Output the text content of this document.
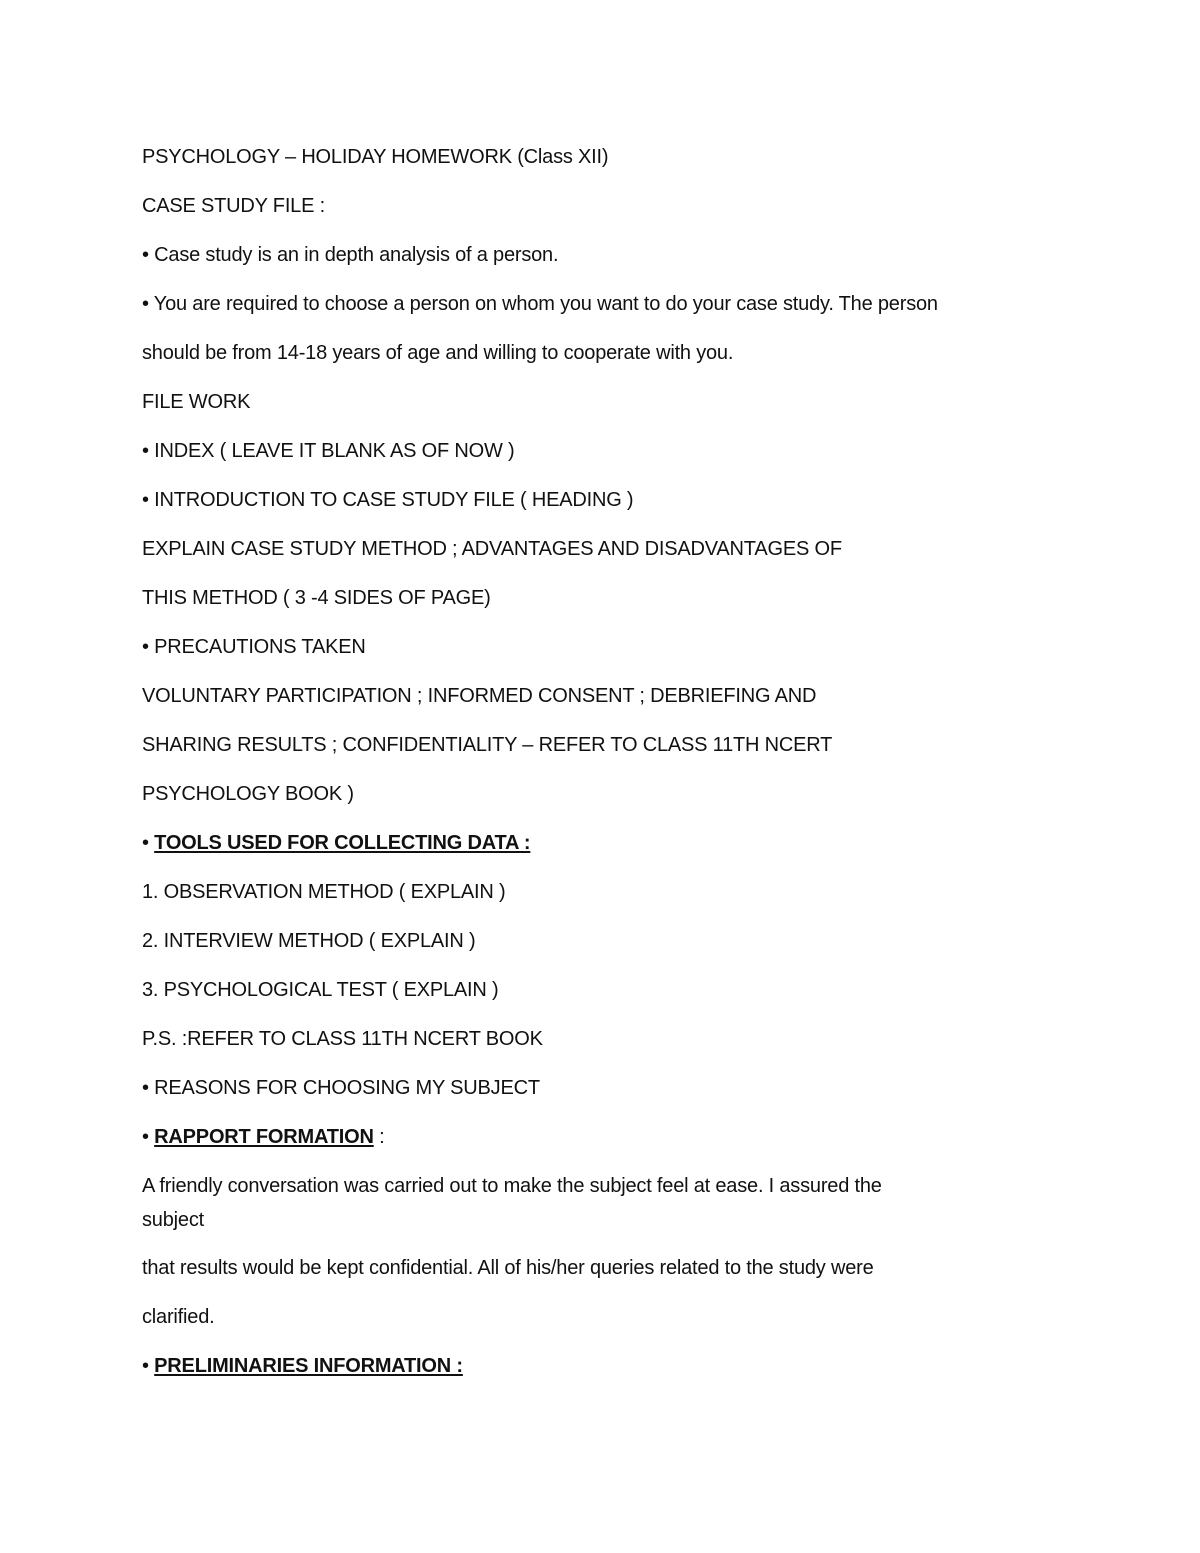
PSYCHOLOGY – HOLIDAY HOMEWORK (Class XII)
CASE STUDY FILE :
• Case study is an in depth analysis of a person.
• You are required to choose a person on whom you want to do your case study. The person
should be from 14-18 years of age and willing to cooperate with you.
FILE WORK
• INDEX ( LEAVE IT BLANK AS OF NOW )
• INTRODUCTION TO CASE STUDY FILE ( HEADING )
EXPLAIN CASE STUDY METHOD ; ADVANTAGES AND DISADVANTAGES OF
THIS METHOD ( 3 -4 SIDES OF PAGE)
• PRECAUTIONS TAKEN
VOLUNTARY PARTICIPATION ; INFORMED CONSENT ; DEBRIEFING AND
SHARING RESULTS ; CONFIDENTIALITY – REFER TO CLASS 11TH NCERT
PSYCHOLOGY BOOK )
• TOOLS USED FOR COLLECTING DATA :
1. OBSERVATION METHOD ( EXPLAIN )
2. INTERVIEW METHOD ( EXPLAIN )
3. PSYCHOLOGICAL TEST ( EXPLAIN )
P.S. :REFER TO CLASS 11TH NCERT BOOK
• REASONS FOR CHOOSING MY SUBJECT
• RAPPORT FORMATION :
A friendly conversation was carried out to make the subject feel at ease. I assured the
subject
that results would be kept confidential. All of his/her queries related to the study were
clarified.
• PRELIMINARIES INFORMATION :
